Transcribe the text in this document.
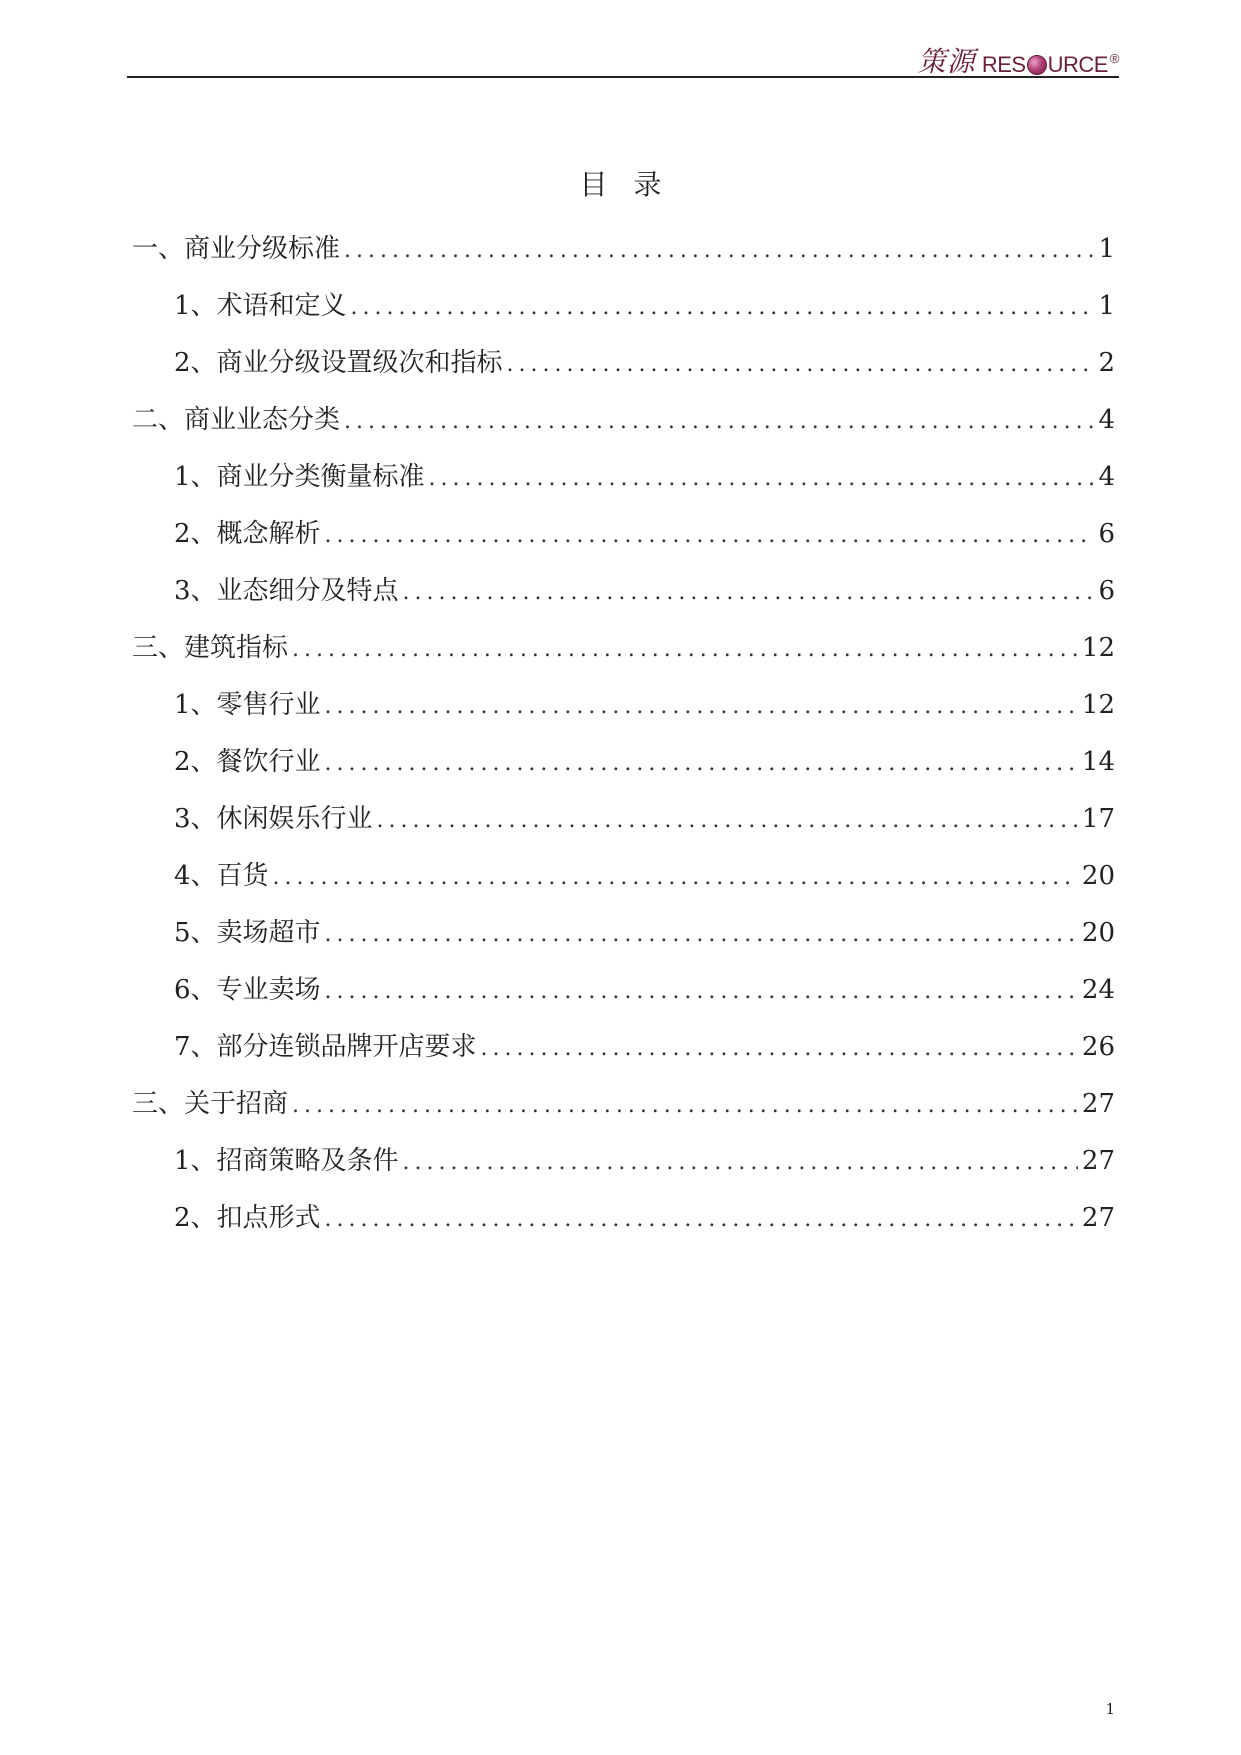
策源 RES URCE ®
目录
一、商业分级标准 .....	1
1、术语和定义 .....	1
2、商业分级设置级次和指标 .....	2
二、商业业态分类 .....	4
1、商业分类衡量标准 .....	4
2、概念解析 .....	6
3、业态细分及特点 .....	6
三、建筑指标 .....	12
1、零售行业 .....	12
2、餐饮行业 .....	14
3、休闲娱乐行业 .....	17
4、百货 .....	20
5、卖场超市 .....	20
6、专业卖场 .....	24
7、部分连锁品牌开店要求 .....	26
三、关于招商 .....	27
1、招商策略及条件 .....	27
2、扣点形式 .....	27
1
